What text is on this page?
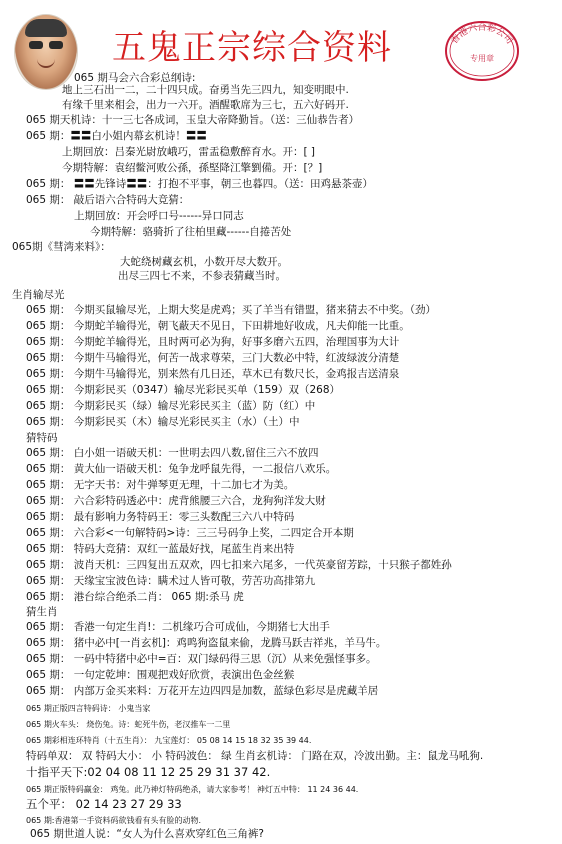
五鬼正宗综合资料	香港六合彩公司
专用章
065 期马会六合彩总纲诗:
地上三石出一二，二十四只成。奋勇当先三四九，知变明眼中.
有缘千里来相会，出力一六开。酒醒歌席为三七，五六好码开.
065 期天机诗：十一三七各成词，玉皇大帝降勤旨。（送：三仙恭告者）
065 期：〓〓白小姐内幕玄机诗！〓〓
上期回放：吕秦光尉放峨巧，雷盂稳敷醉育水。开：[ ]
今期特解：袁绍鳖河败公孫，孫堅降江擎劉備。开：[？]
065 期： 〓〓先锋诗〓〓：打抱不平事，朝三也暮四。（送：田鸡悬茶壶）
065 期： 敲后语六合特码大竞猜：
上期回放：开会呼口号------异口同志
今期特解：骆骑折了往柏里藏------自捲苦处
065期《彗湾来料》：
大蛇绕树藏玄机，小数开尽大数开。
出尽三四七不来，不参表猜藏当时。
生肖输尽光
065 期： 今期买鼠输尽光，上期大奖是虎鸡；买了羊当有错盟，猪来猜去不中奖。（劲）
065 期： 今期蛇羊输得光，朝飞蔽天不见日，下田耕地好收成，凡夫仰能一比重。
065 期： 今期蛇羊输得光，且时两可必为狗，好事多磨六五四，治理国事为大计
065 期： 今期牛马输得光，何苦一战求尊荣，三门大数必中特，红波绿波分清楚
065 期： 今期牛马输得光，别来然有几日还，草木已有数尺长，金鸡报吉送清泉
065 期： 今期彩民买（0347）输尽光彩民买单（159）双（268）
065 期： 今期彩民买（绿）输尽光彩民买主（蓝）防（红）中
065 期： 今期彩民买（木）输尽光彩民买主（水）（土）中
猜特码
065 期： 白小姐一语破天机：一世明去四八数,留住三六不放四
065 期： 黄大仙一语破天机：兔争龙呼鼠先得，一二报信八欢乐。
065 期： 无字天书：对牛弹琴更无理，十二加七才为美。
065 期： 六合彩特码透必中：虎背熊腰三六合，龙狗狗洋发大财
065 期： 最有影响力务特码王：零三头数配三六八中特码
065 期： 六合彩<一句解特码>诗：三三号码争上奖，二四定合开本期
065 期： 特码大竞猜：双红一蓝最好找，尾蓝生肖来出特
065 期： 波肖天机：三四复出五双欢，四七扣来六尾多，一代英豪留芳踪，十只猴子都姓孙
065 期： 天缘宝宝波色诗：瞒术过人皆可敬，劳苦功高排第九
065 期： 港台综合绝杀二肖： 065 期:杀马 虎
猜生肖
065 期： 香港一句定生肖!：二机缘巧合可成仙，今期猪七大出手
065 期： 猪中必中[一肖玄机]：鸡鸣狗盗鼠来偷，龙腾马跃吉祥兆，羊马牛。
065 期： 一码中特猪中必中=百：双门绿码得三思（沉）从来免强怪事多。
065 期： 一句定乾坤：围观把戏好欣赏，表演出色金丝猴
065 期： 内部万金买来料：万花开左边四四是加数，蓝绿色彩尽是虎藏羊居
065 期正版四言特码诗： 小鬼当家
065 期火车头： 烧伤兔。诗：蛇死牛伤，老汉推车一二里
065 期彩相连环特肖（十五生肖）： 九宝莲灯： 05 08 14 15 18 32 35 39 44.
特码单双： 双 特码大小： 小 特码波色： 绿 生肖玄机诗： 门路在双，冷波出勤。主：鼠龙马吼狗.
十指平天下:02 04 08 11 12 25 29 31 37 42.
065 期正版特码赢金： 鸡兔。此乃神灯特码绝杀，请大家参考！ 神灯五中特： 11 24 36 44.
五个平： 02 14 23 27 29 33
065 期:香港第一手资料码欲钱看有头有脸的动物.
065 期世道人说：“女人为什么喜欢穿红色三角裤?
